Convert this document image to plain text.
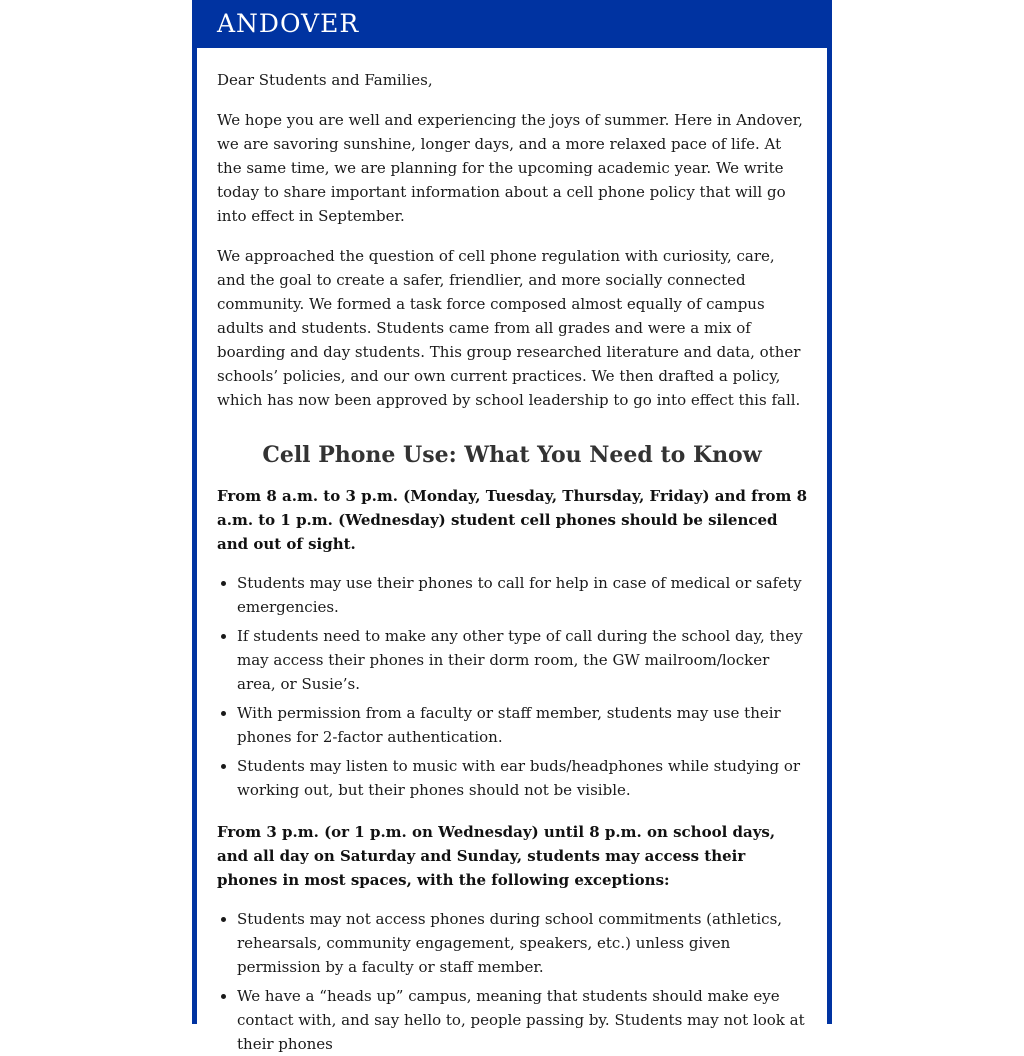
ANDOVER

Dear Students and Families,

We hope you are well and experiencing the joys of summer. Here in Andover, we are savoring sunshine, longer days, and a more relaxed pace of life. At the same time, we are planning for the upcoming academic year. We write today to share important information about a cell phone policy that will go into effect in September.

We approached the question of cell phone regulation with curiosity, care, and the goal to create a safer, friendlier, and more socially connected community. We formed a task force composed almost equally of campus adults and students. Students came from all grades and were a mix of boarding and day students. This group researched literature and data, other schools’ policies, and our own current practices. We then drafted a policy, which has now been approved by school leadership to go into effect this fall.

Cell Phone Use: What You Need to Know

From 8 a.m. to 3 p.m. (Monday, Tuesday, Thursday, Friday) and from 8 a.m. to 1 p.m. (Wednesday) student cell phones should be silenced and out of sight.

• Students may use their phones to call for help in case of medical or safety emergencies.
• If students need to make any other type of call during the school day, they may access their phones in their dorm room, the GW mailroom/locker area, or Susie’s.
• With permission from a faculty or staff member, students may use their phones for 2-factor authentication.
• Students may listen to music with ear buds/headphones while studying or working out, but their phones should not be visible.

From 3 p.m. (or 1 p.m. on Wednesday) until 8 p.m. on school days, and all day on Saturday and Sunday, students may access their phones in most spaces, with the following exceptions:

• Students may not access phones during school commitments (athletics, rehearsals, community engagement, speakers, etc.) unless given permission by a faculty or staff member.
• We have a “heads up” campus, meaning that students should make eye contact with, and say hello to, people passing by. Students may not look at their phones
